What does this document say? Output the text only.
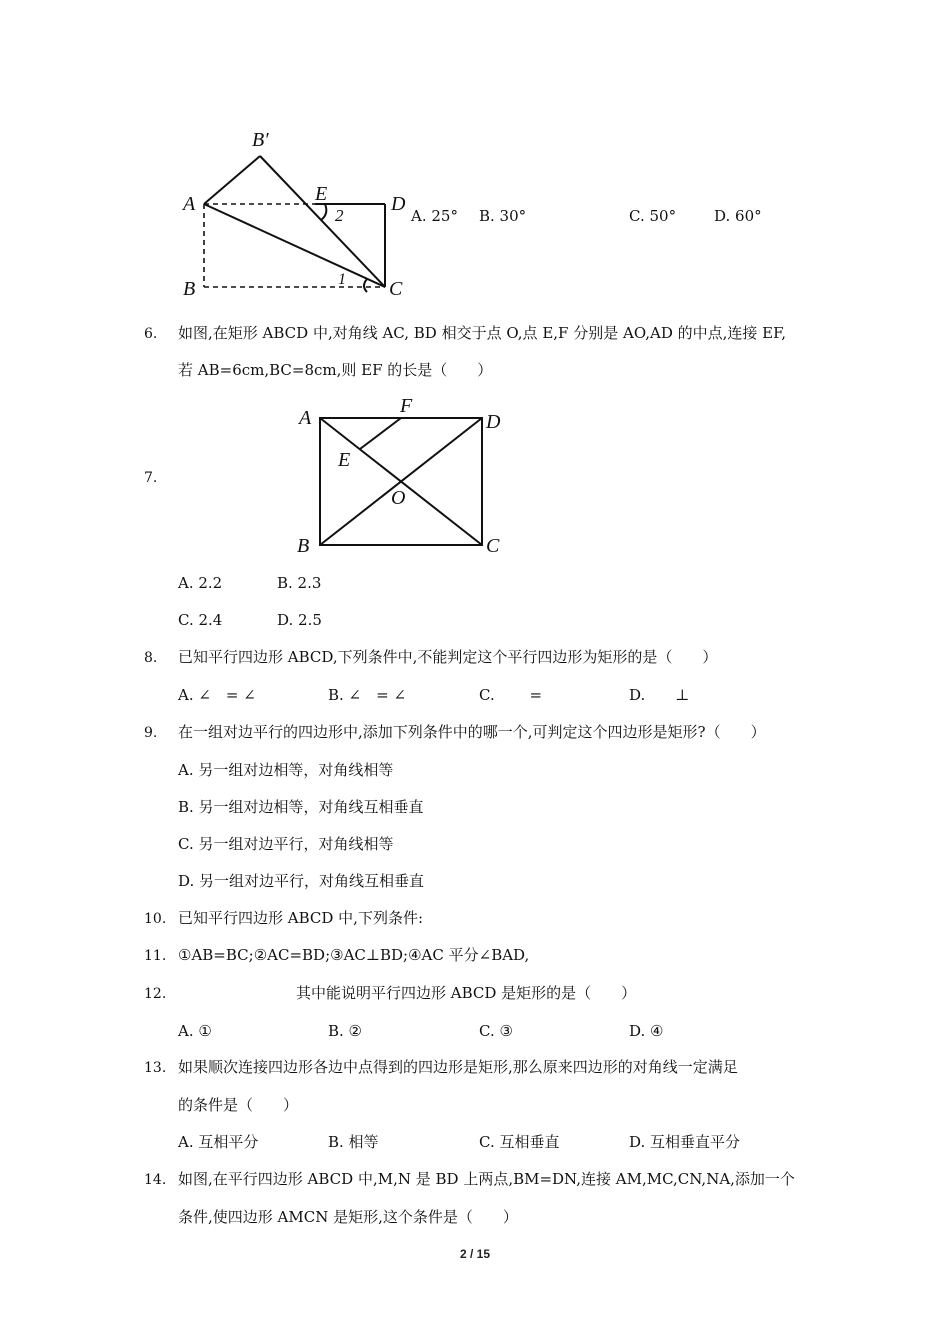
B′
A	E	D
B	C
2
1
A. 25° B. 30°	C. 50°	D. 60°
6. 如图,在矩形 ABCD 中,对角线 AC, BD 相交于点 O,点 E,F 分别是 AO,AD 的中点,连接 EF,
若 AB=6cm,BC=8cm,则 EF 的长是（　　）
7.
A
F
D
E
O
B	C
A. 2.2	B. 2.3
C. 2.4	D. 2.5
8. 已知平行四边形 ABCD,下列条件中,不能判定这个平行四边形为矩形的是（　　）
A. ∠　= ∠	B. ∠　= ∠	C.　　 =	D.　　⊥
9. 在一组对边平行的四边形中,添加下列条件中的哪一个,可判定这个四边形是矩形?（　　）
A. 另一组对边相等，对角线相等
B. 另一组对边相等，对角线互相垂直
C. 另一组对边平行，对角线相等
D. 另一组对边平行，对角线互相垂直
10. 已知平行四边形 ABCD 中,下列条件:
11. ①AB=BC;②AC=BD;③AC⊥BD;④AC 平分∠BAD,
12.	其中能说明平行四边形 ABCD 是矩形的是（　　）
A. ①	B. ②	C. ③	D. ④
13. 如果顺次连接四边形各边中点得到的四边形是矩形,那么原来四边形的对角线一定满足
的条件是（　　）
A. 互相平分	B. 相等	C. 互相垂直	D. 互相垂直平分
14. 如图,在平行四边形 ABCD 中,M,N 是 BD 上两点,BM=DN,连接 AM,MC,CN,NA,添加一个
条件,使四边形 AMCN 是矩形,这个条件是（　　）
2 / 15
